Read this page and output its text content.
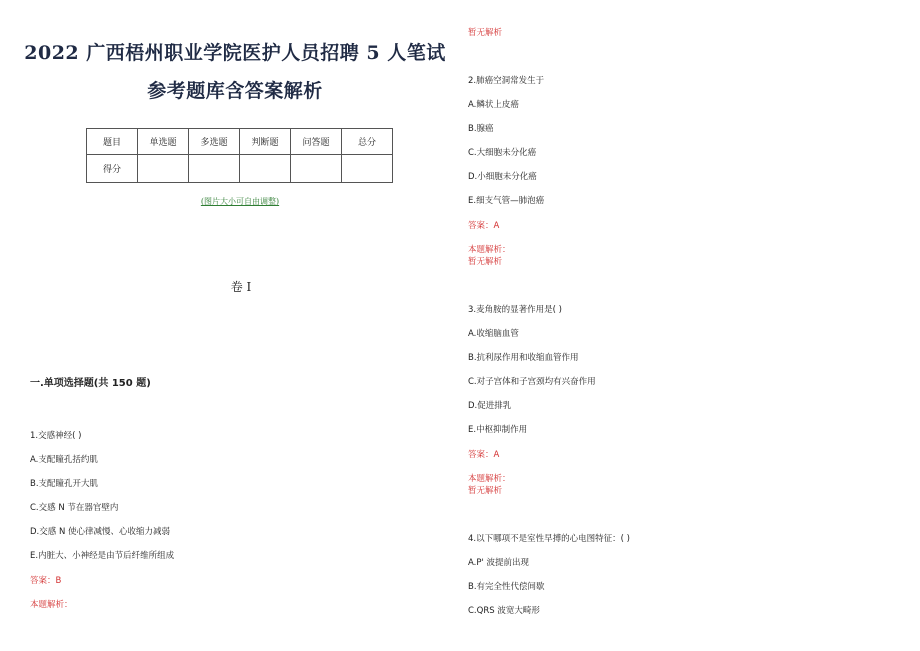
2022 广西梧州职业学院医护人员招聘 5 人笔试
参考题库含答案解析
题目	单选题	多选题	判断题	问答题	总分
得分					
(图片大小可自由调整)
卷 I
一.单项选择题(共 150 题)
1.交感神经( )
A.支配瞳孔括约肌
B.支配瞳孔开大肌
C.交感 N 节在器官壁内
D.交感 N 使心律减慢、心收缩力减弱
E.内脏大、小神经是由节后纤维所组成
答案：B
本题解析：
暂无解析
2.肺癌空洞常发生于
A.鳞状上皮癌
B.腺癌
C.大细胞未分化癌
D.小细胞未分化癌
E.细支气管—肺泡癌
答案：A
本题解析：
暂无解析
3.麦角胺的显著作用是( )
A.收缩脑血管
B.抗利尿作用和收缩血管作用
C.对子宫体和子宫颈均有兴奋作用
D.促进排乳
E.中枢抑制作用
答案：A
本题解析：
暂无解析
4.以下哪项不是室性早搏的心电图特征：( )
A.P' 波提前出现
B.有完全性代偿间歇
C.QRS 波宽大畸形
